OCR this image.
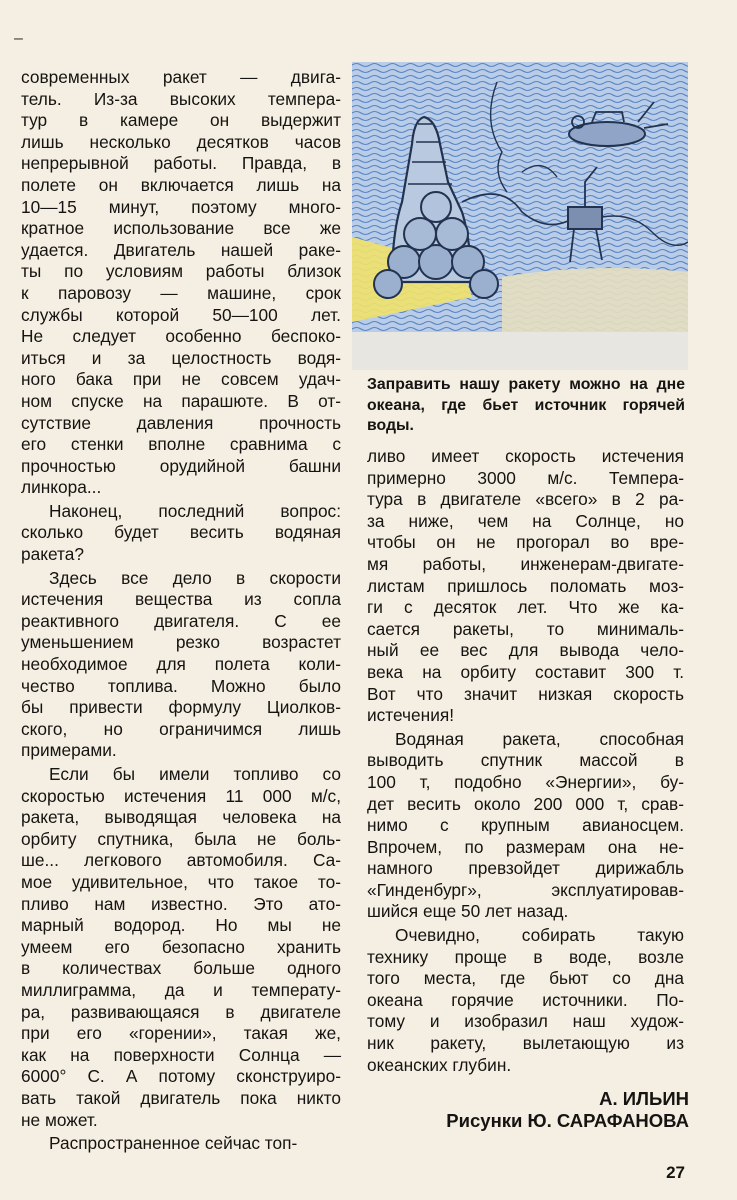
–

современных ракет — двига-

тель. Из-за высоких темпера-

тур в камере он выдержит

лишь несколько десятков часов

непрерывной работы. Правда, в

полете он включается лишь на

10—15 минут, поэтому много-

кратное использование все же

удается. Двигатель нашей раке-

ты по условиям работы близок

к паровозу — машине, срок

службы которой 50—100 лет.

Не следует особенно беспоко-

иться и за целостность водя-

ного бака при не совсем удач-

ном спуске на парашюте. В от-

сутствие давления прочность

его стенки вполне сравнима с

прочностью орудийной башни

линкора...

Наконец, последний вопрос:

сколько будет весить водяная

ракета?

Здесь все дело в скорости

истечения вещества из сопла

реактивного двигателя. С ее

уменьшением резко возрастет

необходимое для полета коли-

чество топлива. Можно было

бы привести формулу Циолков-

ского, но ограничимся лишь

примерами.

Если бы имели топливо со

скоростью истечения 11 000 м/с,

ракета, выводящая человека на

орбиту спутника, была не боль-

ше... легкового автомобиля. Са-

мое удивительное, что такое то-

пливо нам известно. Это ато-

марный водород. Но мы не

умеем его безопасно хранить

в количествах больше одного

миллиграмма, да и температу-

ра, развивающаяся в двигателе

при его «горении», такая же,

как на поверхности Солнца —

6000° С. А потому сконструиро-

вать такой двигатель пока никто

не может.

Распространенное сейчас топ-

Заправить нашу ракету можно на дне океана, где бьет источник горячей воды.

ливо имеет скорость истечения

примерно 3000 м/с. Темпера-

тура в двигателе «всего» в 2 ра-

за ниже, чем на Солнце, но

чтобы он не прогорал во вре-

мя работы, инженерам-двигате-

листам пришлось поломать моз-

ги с десяток лет. Что же ка-

сается ракеты, то минималь-

ный ее вес для вывода чело-

века на орбиту составит 300 т.

Вот что значит низкая скорость

истечения!

Водяная ракета, способная

выводить спутник массой в

100 т, подобно «Энергии», бу-

дет весить около 200 000 т, срав-

нимо с крупным авианосцем.

Впрочем, по размерам она не-

намного превзойдет дирижабль

«Гинденбург», эксплуатировав-

шийся еще 50 лет назад.

Очевидно, собирать такую

технику проще в воде, возле

того места, где бьют со дна

океана горячие источники. По-

тому и изобразил наш худож-

ник ракету, вылетающую из

океанских глубин.

А. ИЛЬИН
Рисунки Ю. САРАФАНОВА
27
